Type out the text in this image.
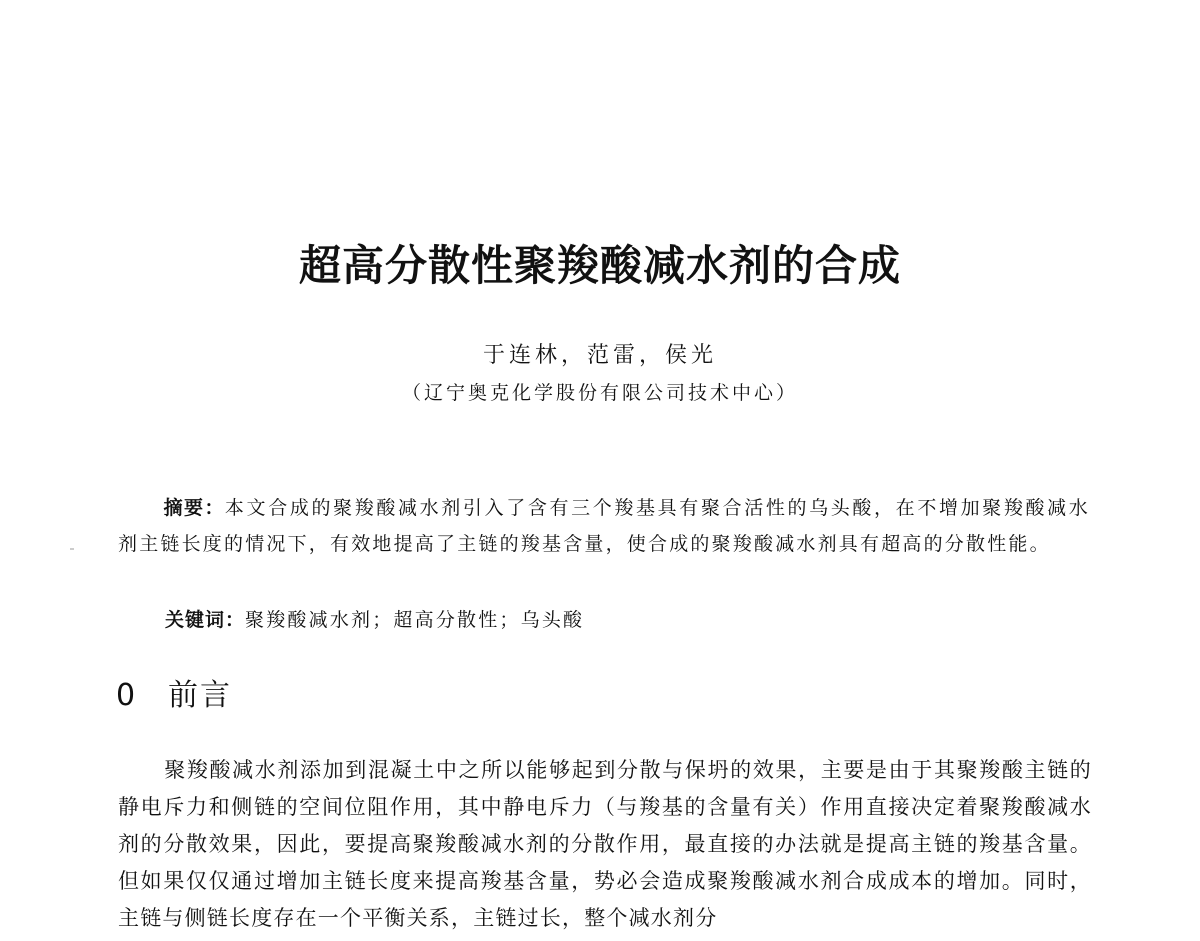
超高分散性聚羧酸减水剂的合成
于连林，范雷，侯光
（辽宁奥克化学股份有限公司技术中心）

摘要：本文合成的聚羧酸减水剂引入了含有三个羧基具有聚合活性的乌头酸，在不增加聚羧酸减水剂主链长度的情况下，有效地提高了主链的羧基含量，使合成的聚羧酸减水剂具有超高的分散性能。

关键词：聚羧酸减水剂；超高分散性；乌头酸

0 前言

聚羧酸减水剂添加到混凝土中之所以能够起到分散与保坍的效果，主要是由于其聚羧酸主链的静电斥力和侧链的空间位阻作用，其中静电斥力（与羧基的含量有关）作用直接决定着聚羧酸减水剂的分散效果，因此，要提高聚羧酸减水剂的分散作用，最直接的办法就是提高主链的羧基含量。但如果仅仅通过增加主链长度来提高羧基含量，势必会造成聚羧酸减水剂合成成本的增加。同时，主链与侧链长度存在一个平衡关系，主链过长，整个减水剂分
